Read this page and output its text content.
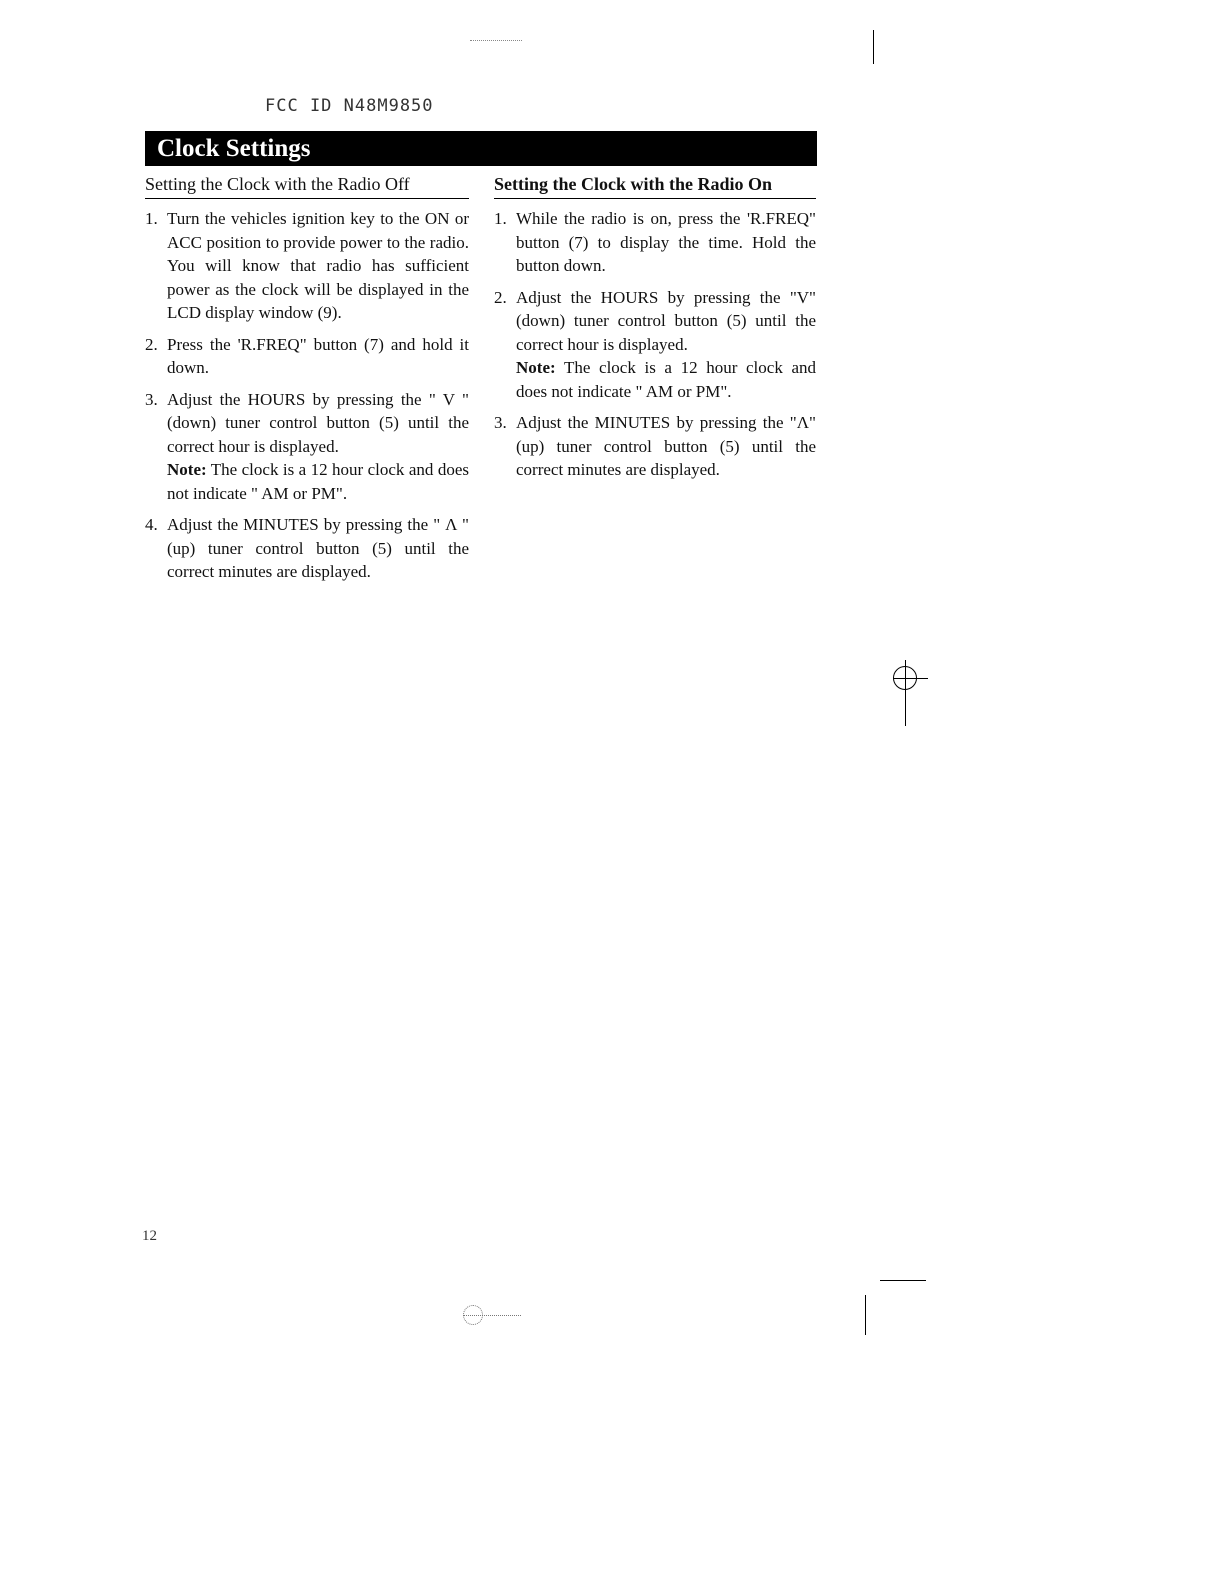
FCC ID N48M9850
Clock Settings
Setting the Clock with the Radio Off
1. Turn the vehicles ignition key to the ON or ACC position to provide power to the radio. You will know that radio has sufficient power as the clock will be displayed in the LCD display window (9).

2. Press the 'R.FREQ" button (7) and hold it down.

3. Adjust the HOURS by pressing the " V " (down) tuner control button (5) until the correct hour is displayed.

Note: The clock is a 12 hour clock and does not indicate " AM or PM".

4. Adjust the MINUTES by pressing the " Λ " (up) tuner control button (5) until the correct minutes are displayed.

Setting the Clock with the Radio On
1. While the radio is on, press the 'R.FREQ" button (7) to display the time. Hold the button down.

2. Adjust the HOURS by pressing the "V" (down) tuner control button (5) until the correct hour is displayed.

Note: The clock is a 12 hour clock and does not indicate " AM or PM".

3. Adjust the MINUTES by pressing the "Λ" (up) tuner control button (5) until the correct minutes are displayed.

12
